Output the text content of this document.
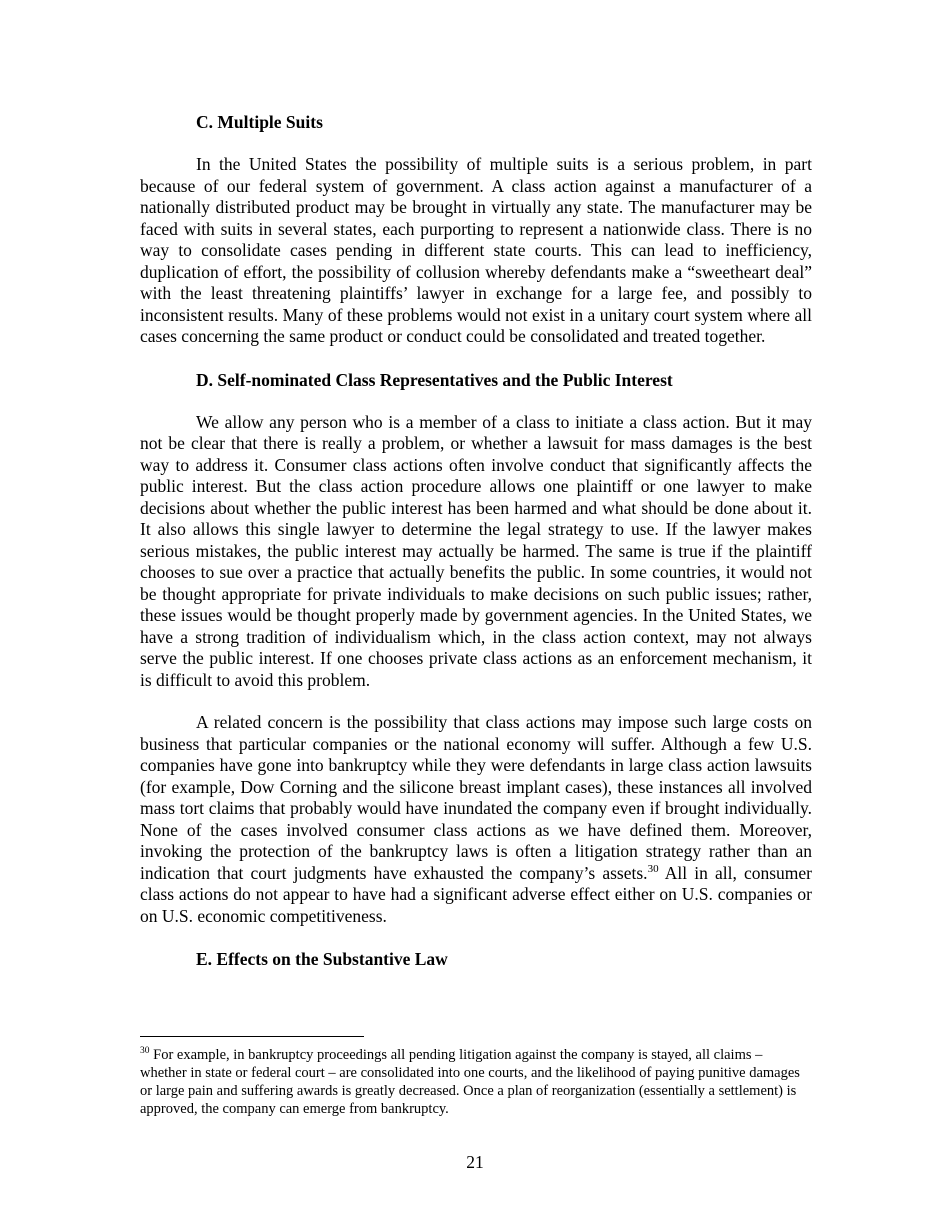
C. Multiple Suits

In the United States the possibility of multiple suits is a serious problem, in part because of our federal system of government. A class action against a manufacturer of a nationally distributed product may be brought in virtually any state. The manufacturer may be faced with suits in several states, each purporting to represent a nationwide class. There is no way to consolidate cases pending in different state courts. This can lead to inefficiency, duplication of effort, the possibility of collusion whereby defendants make a “sweetheart deal” with the least threatening plaintiffs’ lawyer in exchange for a large fee, and possibly to inconsistent results. Many of these problems would not exist in a unitary court system where all cases concerning the same product or conduct could be consolidated and treated together.

D. Self-nominated Class Representatives and the Public Interest

We allow any person who is a member of a class to initiate a class action. But it may not be clear that there is really a problem, or whether a lawsuit for mass damages is the best way to address it. Consumer class actions often involve conduct that significantly affects the public interest. But the class action procedure allows one plaintiff or one lawyer to make decisions about whether the public interest has been harmed and what should be done about it. It also allows this single lawyer to determine the legal strategy to use. If the lawyer makes serious mistakes, the public interest may actually be harmed. The same is true if the plaintiff chooses to sue over a practice that actually benefits the public. In some countries, it would not be thought appropriate for private individuals to make decisions on such public issues; rather, these issues would be thought properly made by government agencies. In the United States, we have a strong tradition of individualism which, in the class action context, may not always serve the public interest. If one chooses private class actions as an enforcement mechanism, it is difficult to avoid this problem.

A related concern is the possibility that class actions may impose such large costs on business that particular companies or the national economy will suffer. Although a few U.S. companies have gone into bankruptcy while they were defendants in large class action lawsuits (for example, Dow Corning and the silicone breast implant cases), these instances all involved mass tort claims that probably would have inundated the company even if brought individually. None of the cases involved consumer class actions as we have defined them. Moreover, invoking the protection of the bankruptcy laws is often a litigation strategy rather than an indication that court judgments have exhausted the company’s assets.$^{30}$ All in all, consumer class actions do not appear to have had a significant adverse effect either on U.S. companies or on U.S. economic competitiveness.

E. Effects on the Substantive Law
$^{30}$ For example, in bankruptcy proceedings all pending litigation against the company is stayed, all claims – whether in state or federal court – are consolidated into one courts, and the likelihood of paying punitive damages or large pain and suffering awards is greatly decreased. Once a plan of reorganization (essentially a settlement) is approved, the company can emerge from bankruptcy.
21
